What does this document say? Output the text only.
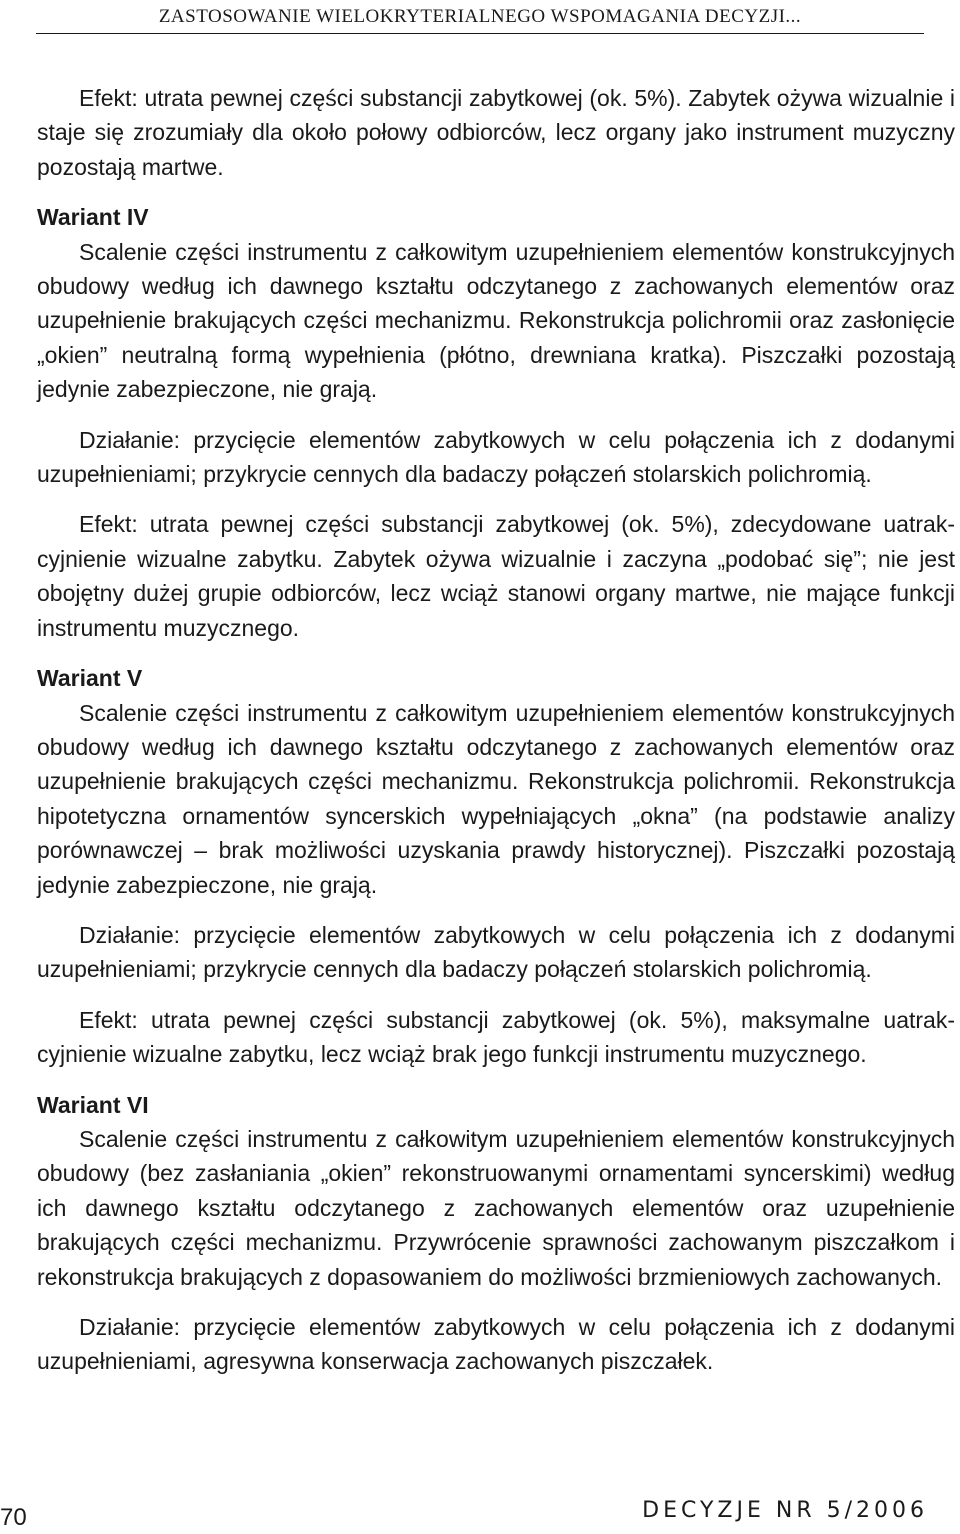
ZASTOSOWANIE WIELOKRYTERIALNEGO WSPOMAGANIA DECYZJI...

Efekt: utrata pewnej części substancji zabytkowej (ok. 5%). Zabytek ożywa wizualnie i staje się zrozumiały dla około połowy odbiorców, lecz organy jako instrument muzyczny pozostają martwe.

Wariant IV

Scalenie części instrumentu z całkowitym uzupełnieniem elementów konstrukcyjnych obudowy według ich dawnego kształtu odczytanego z zachowanych elementów oraz uzupełnienie brakujących części mechanizmu. Rekonstrukcja polichromii oraz zasłonięcie „okien” neutralną formą wypełnienia (płótno, drewniana kratka). Piszczałki pozostają jedynie zabezpieczone, nie grają.

Działanie: przycięcie elementów zabytkowych w celu połączenia ich z dodanymi uzupełnieniami; przykrycie cennych dla badaczy połączeń stolarskich polichromią.

Efekt: utrata pewnej części substancji zabytkowej (ok. 5%), zdecydowane uatrakcyjnienie wizualne zabytku. Zabytek ożywa wizualnie i zaczyna „podobać się”; nie jest obojętny dużej grupie odbiorców, lecz wciąż stanowi organy martwe, nie mające funkcji instrumentu muzycznego.

Wariant V

Scalenie części instrumentu z całkowitym uzupełnieniem elementów konstrukcyjnych obudowy według ich dawnego kształtu odczytanego z zachowanych elementów oraz uzupełnienie brakujących części mechanizmu. Rekonstrukcja polichromii. Rekonstrukcja hipotetyczna ornamentów syncerskich wypełniających „okna” (na podstawie analizy porównawczej – brak możliwości uzyskania prawdy historycznej). Piszczałki pozostają jedynie zabezpieczone, nie grają.

Działanie: przycięcie elementów zabytkowych w celu połączenia ich z dodanymi uzupełnieniami; przykrycie cennych dla badaczy połączeń stolarskich polichromią.

Efekt: utrata pewnej części substancji zabytkowej (ok. 5%), maksymalne uatrakcyjnienie wizualne zabytku, lecz wciąż brak jego funkcji instrumentu muzycznego.

Wariant VI

Scalenie części instrumentu z całkowitym uzupełnieniem elementów konstrukcyjnych obudowy (bez zasłaniania „okien” rekonstruowanymi ornamentami syncerskimi) według ich dawnego kształtu odczytanego z zachowanych elementów oraz uzupełnienie brakujących części mechanizmu. Przywrócenie sprawności zachowanym piszczałkom i rekonstrukcja brakujących z dopasowaniem do możliwości brzmieniowych zachowanych.

Działanie: przycięcie elementów zabytkowych w celu połączenia ich z dodanymi uzupełnieniami, agresywna konserwacja zachowanych piszczałek.

70	DECYZJE NR 5/2006
